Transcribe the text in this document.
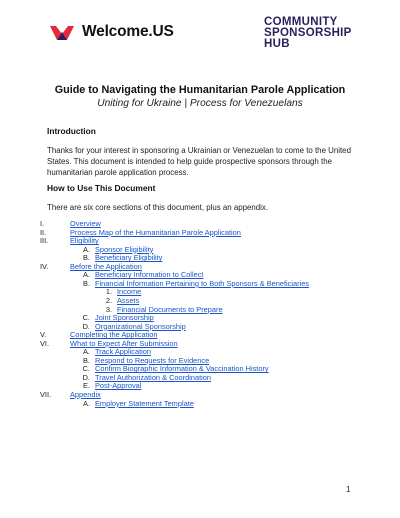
Welcome.US
COMMUNITY
SPONSORSHIP
HUB
Guide to Navigating the Humanitarian Parole Application
Uniting for Ukraine | Process for Venezuelans
Introduction
Thanks for your interest in sponsoring a Ukrainian or Venezuelan to come to the United States. This document is intended to help guide prospective sponsors through the humanitarian parole application process.
How to Use This Document
There are six core sections of this document, plus an appendix.
I.	Overview
II.	Process Map of the Humanitarian Parole Application
III.	Eligibility
A. Sponsor Eligibility
B. Beneficiary Eligibility
IV.	Before the Application
A. Beneficiary Information to Collect
B. Financial Information Pertaining to Both Sponsors & Beneficiaries
1. Income
2. Assets
3. Financial Documents to Prepare
C. Joint Sponsorship
D. Organizational Sponsorship
V.	Completing the Application
VI.	What to Expect After Submission
A. Track Application
B. Respond to Requests for Evidence
C. Confirm Biographic Information & Vaccination History
D. Travel Authorization & Coordination
E. Post-Approval
VII.	Appendix
A. Employer Statement Template
1
